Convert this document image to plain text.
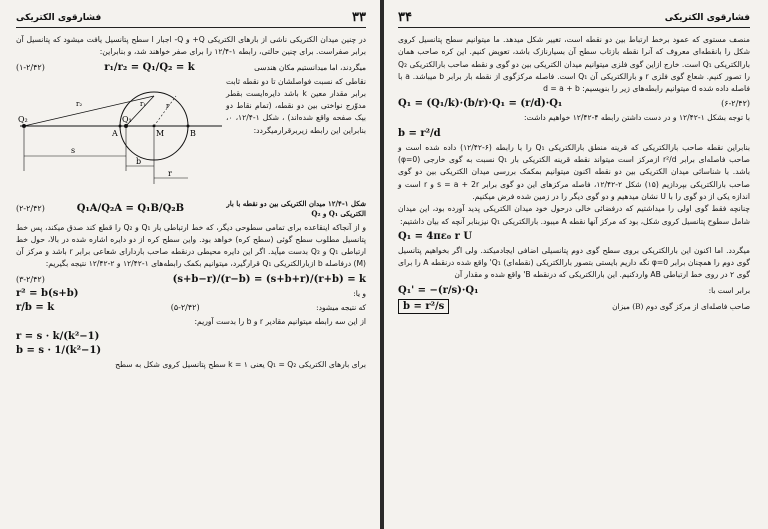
۳۳
فشارقوی الکتریکی

در چنین میدان الکتریکی ناشی از بارهای الکتریکی Q+ و Q- اجبار ا سطح پتانسیل یافت میشود که پتانسیل آن برابر صفراست. برای چنین حالتی، رابطه ۱-۱۲/۴ را برای صفر خواهند شد، و بنابراین:

(۱-۲/۴۲)	r₁/r₂ = Q₁/Q₂ = k	میگردند، اما میدانستیم مکان هندسی
Q₂	Q₁
A	M	B
r₂	r₁	r
s
b
r

نقاطی که نسبت فواصلشان تا دو نقطه ثابت برابر مقدار معین k باشد دایره‌ایست بقطر مدوّرج نواختی بین دو نقطه، (تمام نقاط دو بیک صفحه واقع شده‌اند) ، شکل ۱-۱۲/۴، ۰، بنابراین این رابطه زیربرقرارمیگردد:

(۲-۲/۴۲)	Q₁A/Q₂A = Q₁B/Q₂B	شکل ۱-۱۲/۴ میدان الکتریکی بین دو نقطه با بار الکتریکی Q₁ و Q₂

و از آنجاکه اینقاعده برای تمامی سطوحی دیگر، که خط ارتباطی بار Q₁ و Q₂ را قطع کند صدق میکند، پس خط پتانسیل مطلوب سطح گوئی (سطح کره) خواهد بود. واین سطح کره از دو دایره اشاره شده در بالا، حول خط ارتباطی Q₁ و Q₂ بدست میآید. اگر این دایره محیطی درنقطه صاحب باردارای شعاعی برابر r باشد و مرکز آن (M) درفاصله b ازبارالکتریکی Q₁ قرارگیرد، میتوانیم بکمک رابطه‌های ۱-۱۲/۴۲ و ۲-۱۲/۴۲ نتیجه بگیریم:

(۳-۲/۴۲)	(s+b−r)/(r−b) = (s+b+r)/(r+b) = k
r² = b(s+b)	و یا:
r/b = k	(۵-۲/۴۲)	که نتیجه میشود:

از این سه رابطه میتوانیم مقادیر r و b را بدست آوریم:

r = s · k/(k²−1)
b = s · 1/(k²−1)

برای بارهای الکتریکی Q₁ = Q₂ یعنی ۱ = k سطح پتانسیل کروی شکل به سطح

فشارقوی الکتریکی
۳۴

منصف مستوی که عمود برخط ارتباط بین دو نقطه است، تغییر شکل میدهد. ما میتوانیم سطح پتانسیل کروی شکل را بانقطه‌ای معروف که آنرا نقطه بازتاب سطح آن بسیارنازک باشد، تعویض کنیم. این کره صاحب همان بارالکتریکی Q₁ است. خارج ازاین گوی فلزی میتوانیم میدان الکتریکی بین دو گوی و نقطه صاحب بارالکتریکی Q₂ را تصور کنیم. شعاع گوی فلزی r و بارالکتریکی آن Q₁ است. فاصله مرکزگوی از نقطه بار برابر b میباشد. a با فاصله داده شده d میتوانیم رابطه‌های زیر را بنویسیم: d = a + b

Q₁ = (Q₁/k)·(b/r)·Q₁ = (r/d)·Q₁	(۶-۲/۴۲)

با توجه بشکل ۱-۱۲/۴۲ و در دست داشتن رابطه ۴-۱۲/۴۲ خواهیم داشت:

b = r²/d

بنابراین نقطه صاحب بارالکتریکی که قرینه منطق بارالکتریکی Q₁ را با رابطه (۶-۱۲/۴۲) داده شده است و صاحب فاصله‌ای برابر r²/d ازمرکز است میتواند نقطه قرینه الکتریکی بار Q₁ نسبت به گوی خارجی (φ=0) باشد. با شناسائی میدان الکتریکی بین دو نقطه اکنون میتوانیم بمکمک بررسی میدان الکتریکی بین دو گوی صاحب بارالکتریکی بپردازیم (۱۵) شکل ۲-۱۲/۴۲، فاصله مرکزهای این دو گوی برابر s = a + 2r و r است و اندازه یکی از دو گوی را با U نشان میدهیم و دو گوی دیگر را در زمین شده فرض میکنیم.

چنانچه فقط گوی اولی را میداشتیم که درفضائی خالی درحول خود میدان الکتریکی پدید آورده بود، این میدان شامل سطوح پتانسیل کروی شکل، بود که مرکز آنها نقطه A میبود. بارالکتریکی Q₁ نیزبنابر آنچه که بیان داشتیم:

Q₁ = 4πε₀ r U

میگردد. اما اکنون این بارالکتریکی بروی سطح گوی دوم پتانسیلی اضافی ایجادمیکند. ولی اگر بخواهیم پتانسیل گوی دوم را همچنان برابر φ=0 نگه داریم بایستی بتصور بارالکتریکی (نقطه‌ای) Q₁' واقع شده درنقطه A را برای گوی ۲ در روی خط ارتباطی AB واردکنیم. این بارالکتریکی که درنقطه B' واقع شده و مقدار آن

Q₁' = −(r/s)·Q₁	برابر است با:
b = r²/s	صاحب فاصله‌ای از مرکز گوی دوم (B) میزان
